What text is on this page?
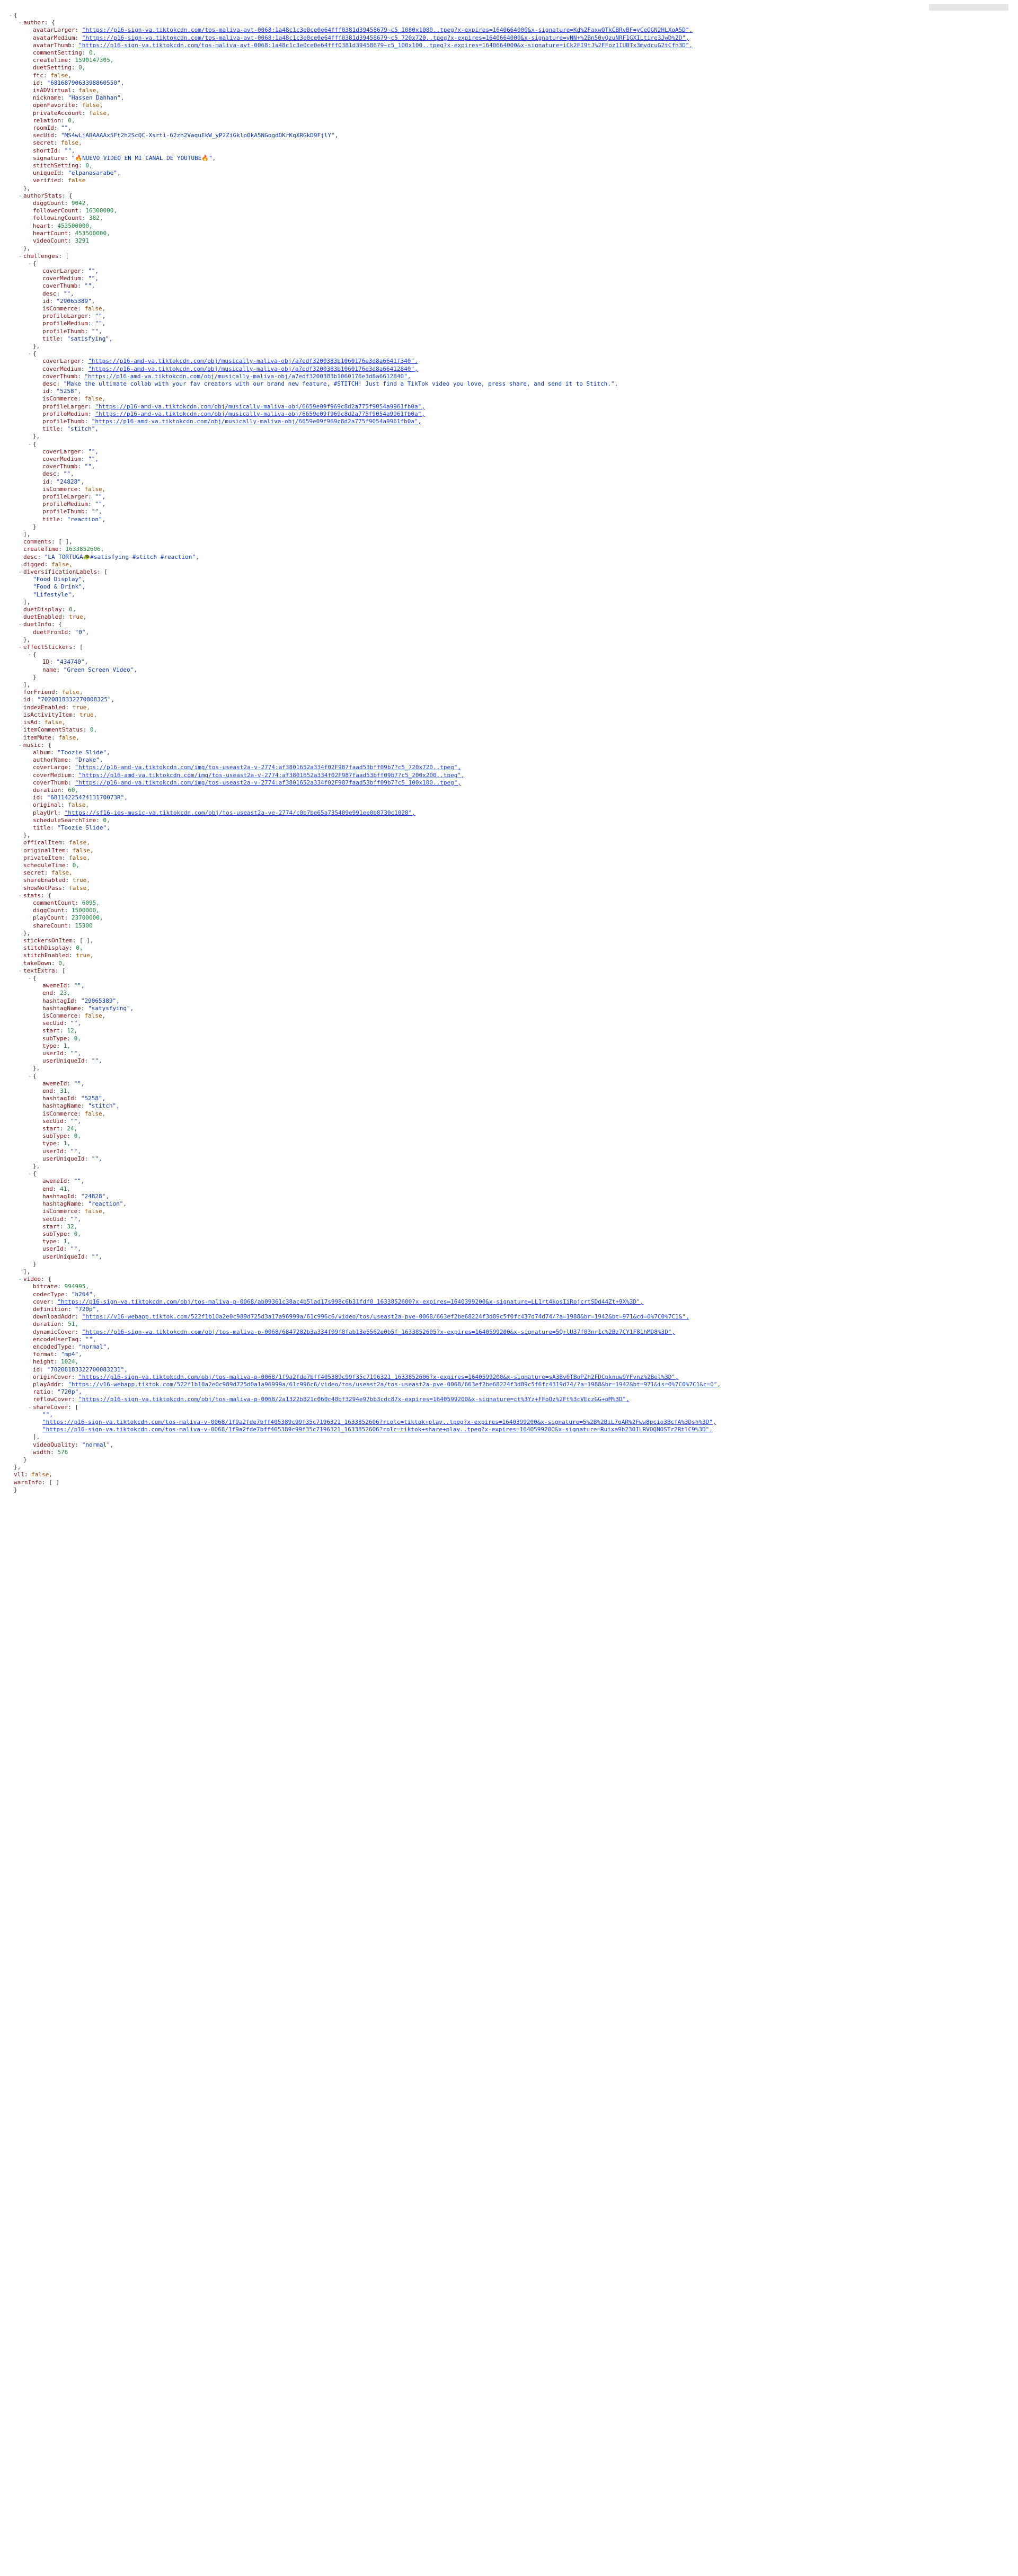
- {
- author: {
avatarLarger: "https://p16-sign-va.tiktokcdn.com/tos-maliva-avt-0068:1a48c1c3e0ce0e64fff0381d39458679~c5_1080x1080..tpeg?x-expires=1640664000&x-signature=Kd%2FaxwQTkCBRvBF=yCeGGN2HLXoA5D",
avatarMedium: "https://p16-sign-va.tiktokcdn.com/tos-maliva-avt-0068:1a48c1c3e0ce0e64fff0381d39458679~c5_720x720..tpeg?x-expires=1640664000&x-signature=yNN+%2Bn50vQzuNRF1GXILtire3JwD%2D",
avatarThumb: "https://p16-sign-va.tiktokcdn.com/tos-maliva-avt-0068:1a48c1c3e0ce0e64fff0381d39458679~c5_100x100..tpeg?x-expires=1640664000&x-signature=iCk2FI9tJ%2FFoz1IUBTx3mvdcuG2tCfh3D",
commentSetting: 0,
createTime: 1590147305,
duetSetting: 0,
ftc: false,
id: "6816879063398860550",
isADVirtual: false,
nickname: "Hassen Dahhan",
openFavorite: false,
privateAccount: false,
relation: 0,
roomId: "",
secUid: "MS4wLjABAAAAx5Ft2h2ScQC-Xsrti-62zh2VaquEkW_yP2ZiGklo0kA5NGogdDKrKqXRGkD9FjlY",
secret: false,
shortId: "",
signature: "🔥NUEVO VIDEO EN MI CANAL DE YOUTUBE🔥",
stitchSetting: 0,
uniqueId: "elpanasarabe",
verified: false
},
- authorStats: {
diggCount: 9042,
followerCount: 16300000,
followingCount: 382,
heart: 453500000,
heartCount: 453500000,
videoCount: 3291
},
- challenges: [
- {
coverLarger: "",
coverMedium: "",
coverThumb: "",
desc: "",
id: "29065389",
isCommerce: false,
profileLarger: "",
profileMedium: "",
profileThumb: "",
title: "satisfying",
},
- {
coverLarger: "https://p16-amd-va.tiktokcdn.com/obj/musically-maliva-obj/a7edf3200383b1060176e3d8a6641f340",
coverMedium: "https://p16-amd-va.tiktokcdn.com/obj/musically-maliva-obj/a7edf3200383b1060176e3d8a66412840",
coverThumb: "https://p16-amd-va.tiktokcdn.com/obj/musically-maliva-obj/a7edf3200383b1060176e3d8a6612840",
desc: "Make the ultimate collab with your fav creators with our brand new feature, #STITCH! Just find a TikTok video you love, press share, and send it to Stitch.",
id: "5258",
isCommerce: false,
profileLarger: "https://p16-amd-va.tiktokcdn.com/obj/musically-maliva-obj/6659e09f969c8d2a775f9054a9961fb0a",
profileMedium: "https://p16-amd-va.tiktokcdn.com/obj/musically-maliva-obj/6659e09f969c8d2a775f9054a9961fb0a",
profileThumb: "https://p16-amd-va.tiktokcdn.com/obj/musically-maliva-obj/6659e09f969c8d2a775f9054a9961fb0a",
title: "stitch",
},
- {
coverLarger: "",
coverMedium: "",
coverThumb: "",
desc: "",
id: "24828",
isCommerce: false,
profileLarger: "",
profileMedium: "",
profileThumb: "",
title: "reaction",
}
],
comments: [ ],
createTime: 1633852606,
desc: "LA TORTUGA🐢#satisfying #stitch #reaction",
digged: false,
- diversificationLabels: [
"Food Display",
"Food & Drink",
"Lifestyle",
],
duetDisplay: 0,
duetEnabled: true,
- duetInfo: {
duetFromId: "0",
},
- effectStickers: [
- {
ID: "434740",
name: "Green Screen Video",
}
],
forFriend: false,
id: "7020818332270808325",
indexEnabled: true,
isActivityItem: true,
isAd: false,
itemCommentStatus: 0,
itemMute: false,
- music: {
album: "Toozie Slide",
authorName: "Drake",
coverLarge: "https://p16-amd-va.tiktokcdn.com/img/tos-useast2a-v-2774:af3801652a334f02F987faad53bff09b7?c5_720x720..tpeg",
coverMedium: "https://p16-amd-va.tiktokcdn.com/img/tos-useast2a-v-2774:af3801652a334f02F987faad53bff09b7?c5_200x200..tpeg",
coverThumb: "https://p16-amd-va.tiktokcdn.com/img/tos-useast2a-v-2774:af3801652a334f02F987faad53bff09b7?c5_100x100..tpeg",
duration: 60,
id: "6811422542413170073R",
original: false,
playUrl: "https://sf16-ies-music-va.tiktokcdn.com/obj/tos-useast2a-ve-2774/c0b7be65a735409e991ee0b8730c1028",
scheduleSearchTime: 0,
title: "Toozie Slide",
},
officalItem: false,
originalItem: false,
privateItem: false,
scheduleTime: 0,
secret: false,
shareEnabled: true,
showNotPass: false,
- stats: {
commentCount: 6095,
diggCount: 1500000,
playCount: 23700000,
shareCount: 15300
},
stickersOnItem: [ ],
stitchDisplay: 0,
stitchEnabled: true,
takeDown: 0,
- textExtra: [
- {
awemeId: "",
end: 23,
hashtagId: "29065389",
hashtagName: "satysfying",
isCommerce: false,
secUid: "",
start: 12,
subType: 0,
type: 1,
userId: "",
userUniqueId: "",
},
- {
awemeId: "",
end: 31,
hashtagId: "5258",
hashtagName: "stitch",
isCommerce: false,
secUid: "",
start: 24,
subType: 0,
type: 1,
userId: "",
userUniqueId: "",
},
- {
awemeId: "",
end: 41,
hashtagId: "24828",
hashtagName: "reaction",
isCommerce: false,
secUid: "",
start: 32,
subType: 0,
type: 1,
userId: "",
userUniqueId: "",
}
],
- video: {
bitrate: 994995,
codecType: "h264",
cover: "https://p16-sign-va.tiktokcdn.com/obj/tos-maliva-p-0068/ab09361c38ac4b5lad17s998c6b31fdf0_1633852600?x-expires=1640399200&x-signature=LL1rt4kosIiRojcrtSDd44Zt+9X%3D",
definition: "720p",
downloadAddr: "https://v16-webapp.tiktok.com/522f1b10a2e0c989d725d3a17a96999a/61c996c6/video/tos/useast2a-pve-0068/663ef2be68224f3d89c5f0fc437d74d74/?a=1988&br=1942&bt=971&cd=0%7C0%7C1&",
duration: 51,
dynamicCover: "https://p16-sign-va.tiktokcdn.com/obj/tos-maliva-p-0068/6847282b3a334f09f8fab13e5562e0b5f_1633852605?x-expires=1640599200&x-signature=5Q+lU37f03nr1c%2Bz7CY1F81hMD8%3D",
encodeUserTag: "",
encodedType: "normal",
format: "mp4",
height: 1024,
id: "70208183322700083231",
originCover: "https://p16-sign-va.tiktokcdn.com/obj/tos-maliva-p-0068/1f9a2fde7bff405389c99f35c7196321_1633852606?x-expires=1640599200&x-signature=sA3Bv0TBoPZh2FDCpknuw9YFvnz%2Bel%3D",
playAddr: "https://v16-webapp.tiktok.com/522f1b10a2e0c989d725d0a1a96999a/61c996c6/video/tos/useast2a/tos-useast2a-pve-0068/663ef2be68224f3d89c5f6fc4319d74/?a=1988&br=1942&bt=971&is=0%7C0%7C1&c=0",
ratio: "720p",
reflowCover: "https://p16-sign-va.tiktokcdn.com/obj/tos-maliva-p-0068/2a1322b821c060c40bf3294e97bb3cdc87x-expires=1640599200&x-signature=ct%3Yz+FFoOz%2Ft%3cVEczGG+oM%3D",
- shareCover: [
"",
"https://p16-sign-va.tiktokcdn.com/tos-maliva-v-0068/1f9a2fde7bff405389c99f35c7196321_1633852606?rcolc=tiktok+play..tpeg?x-expires=1640399200&x-signature=5%2B%2BiL7oAR%2Fww8pcio3BcfA%3Dsh%3D",
"https://p16-sign-va.tiktokcdn.com/tos-maliva-v-0068/1f9a2fde7bff405389c99f35c7196321_1633852606?rolc=tiktok+share+play..tpeg?x-expires=1640599200&x-signature=Ruixa9b23OILRVOQNOSTr2RtlC9%3D",
],
videoQuality: "normal",
width: 576
}
},
vl1: false,
warnInfo: [ ]
}
